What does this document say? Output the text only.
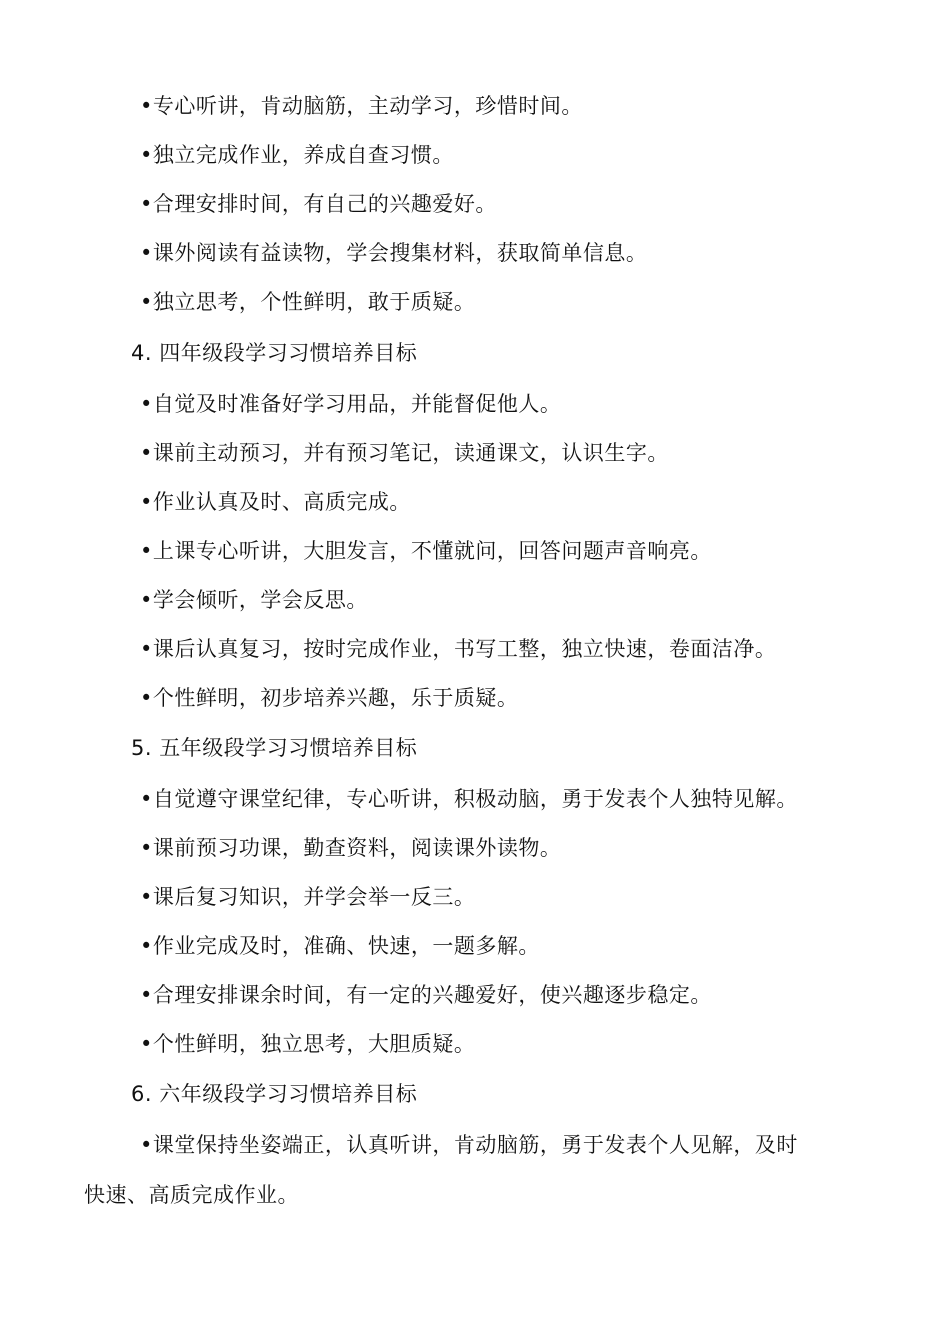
•专心听讲，肯动脑筋，主动学习，珍惜时间。
•独立完成作业，养成自查习惯。
•合理安排时间，有自己的兴趣爱好。
•课外阅读有益读物，学会搜集材料，获取简单信息。
•独立思考，个性鲜明，敢于质疑。
4. 四年级段学习习惯培养目标
•自觉及时准备好学习用品，并能督促他人。
•课前主动预习，并有预习笔记，读通课文，认识生字。
•作业认真及时、高质完成。
•上课专心听讲，大胆发言，不懂就问，回答问题声音响亮。
•学会倾听，学会反思。
•课后认真复习，按时完成作业，书写工整，独立快速，卷面洁净。
•个性鲜明，初步培养兴趣，乐于质疑。
5. 五年级段学习习惯培养目标
•自觉遵守课堂纪律，专心听讲，积极动脑，勇于发表个人独特见解。
•课前预习功课，勤查资料，阅读课外读物。
•课后复习知识，并学会举一反三。
•作业完成及时，准确、快速，一题多解。
•合理安排课余时间，有一定的兴趣爱好，使兴趣逐步稳定。
•个性鲜明，独立思考，大胆质疑。
6. 六年级段学习习惯培养目标
•课堂保持坐姿端正，认真听讲，肯动脑筋，勇于发表个人见解，及时
快速、高质完成作业。
